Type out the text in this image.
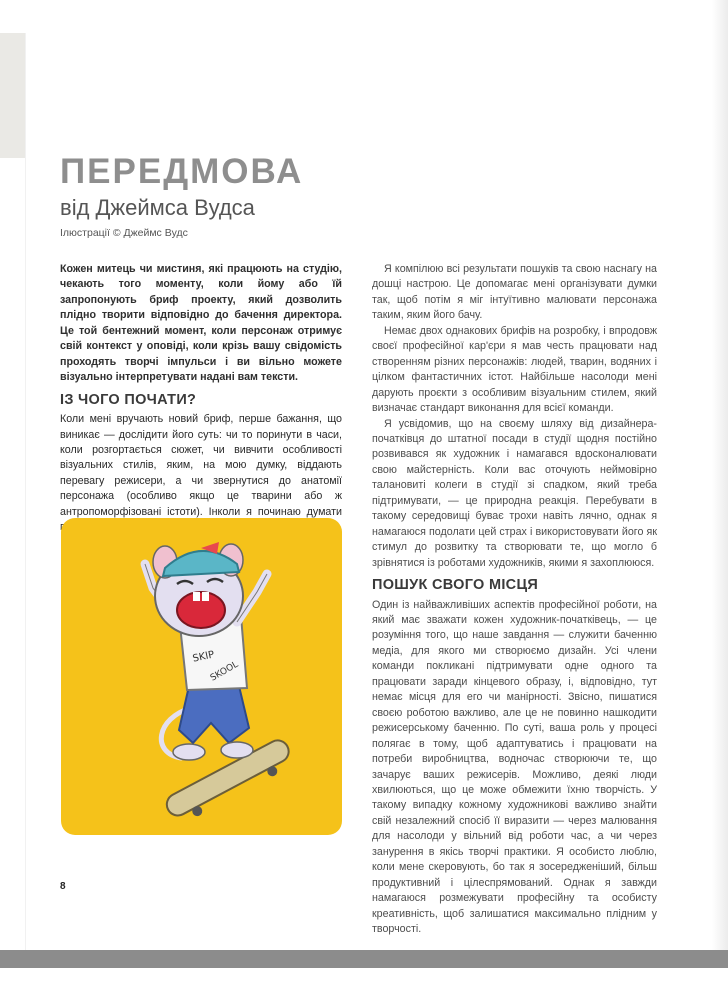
ПЕРЕДМОВА
від Джеймса Вудса
Ілюстрації © Джеймс Вудс

Кожен митець чи мистиня, які працюють на студію, чекають того моменту, коли йому або їй запропонують бриф проекту, який дозволить плідно творити відповідно до бачення директора. Це той бентежний момент, коли персонаж отримує свій контекст у оповіді, коли крізь вашу свідомість проходять творчі імпульси і ви вільно можете візуально інтерпретувати надані вам тексти.

ІЗ ЧОГО ПОЧАТИ?

Коли мені вручають новий бриф, перше бажання, що виникає — дослідити його суть: чи то поринути в часи, коли розгортається сюжет, чи вивчити особливості візуальних стилів, яким, на мою думку, віддають перевагу режисери, а чи звернутися до анатомії персонажа (особливо якщо це тварини або ж антропоморфізовані істоти). Інколи я починаю думати

SKIP
SKOOL

Я компілюю всі результати пошуків та свою наснагу на дошці настрою. Це допомагає мені організувати думки так, щоб потім я міг інтуїтивно малювати персонажа таким, яким його бачу.

Немає двох однакових брифів на розробку, і впродовж своєї професійної кар'єри я мав честь працювати над створенням різних персонажів: людей, тварин, водяних і цілком фантастичних істот. Найбільше насолоди мені дарують проєкти з особливим візуальним стилем, який визначає стандарт виконання для всієї команди.

Я усвідомив, що на своєму шляху від дизайнера-початківця до штатної посади в студії щодня постійно розвивався як художник і намагався вдосконалювати свою майстерність. Коли вас оточують неймовірно талановиті колеги в студії зі спадком, який треба підтримувати, — це природна реакція. Перебувати в такому середовищі буває трохи навіть лячно, однак я намагаюся подолати цей страх і використовувати його як стимул до розвитку та створювати те, що могло б зрівнятися із роботами художників, якими я захоплююся.

ПОШУК СВОГО МІСЦЯ

Один із найважливіших аспектів професійної роботи, на який має зважати кожен художник-початківець, — це розуміння того, що наше завдання — служити баченню медіа, для якого ми створюємо дизайн. Усі члени команди покликані підтримувати одне одного та працювати заради кінцевого образу, і, відповідно, тут немає місця для его чи манірності. Звісно, пишатися своєю роботою важливо, але це не повинно нашкодити режисерському баченню. По суті, ваша роль у процесі полягає в тому, щоб адаптуватись і працювати на потреби виробництва, водночас створюючи те, що зачарує ваших режисерів. Можливо, деякі люди хвилюються, що це може обмежити їхню творчість. У такому випадку кожному художникові важливо знайти свій незалежний спосіб її виразити — через малювання для насолоди у вільний від роботи час, а чи через занурення в якісь творчі практики. Я особисто люблю, коли мене скеровують, бо так я зосередженіший, більш продуктивний і цілеспрямований. Однак я завжди намагаюся розмежувати професійну та особисту креативність, щоб залишатися максимально плідним у творчості.

8
